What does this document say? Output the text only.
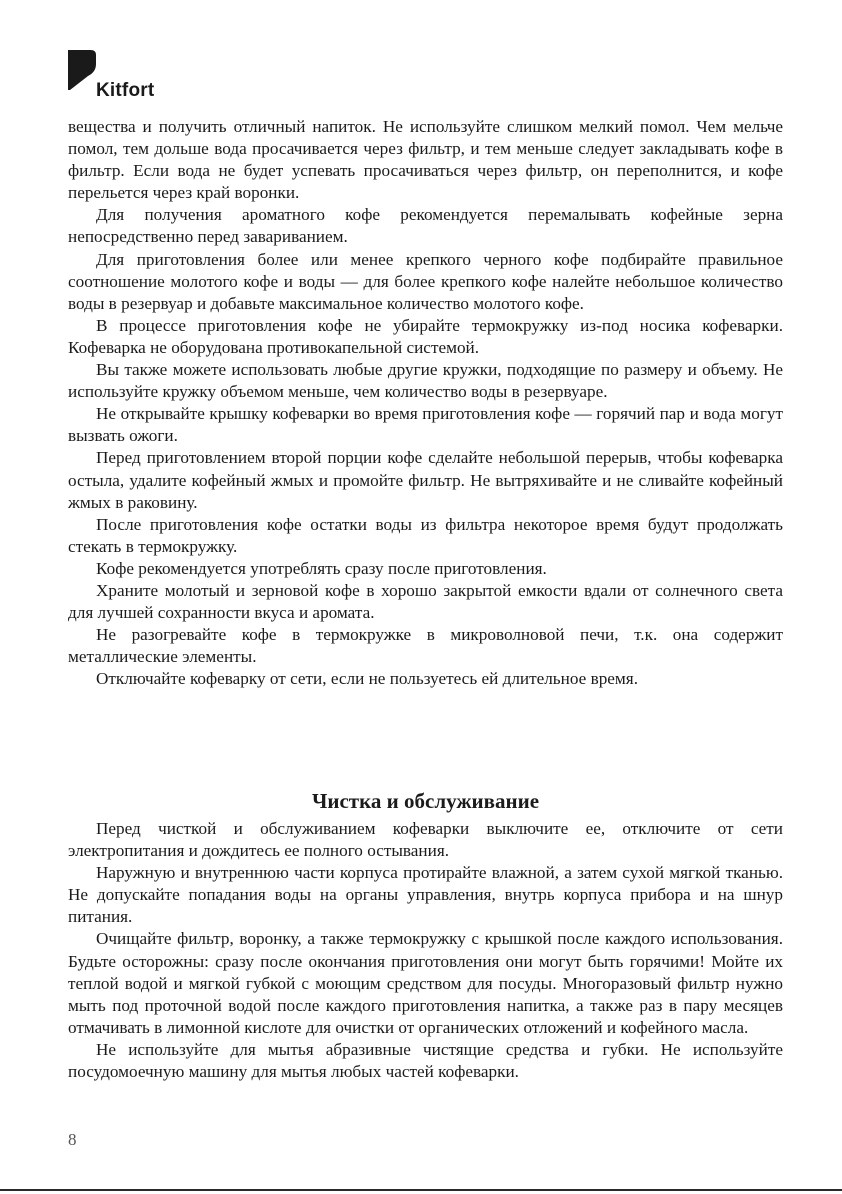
Kitfort

вещества и получить отличный напиток. Не используйте слишком мелкий помол. Чем мельче помол, тем дольше вода просачивается через фильтр, и тем меньше следует закладывать кофе в фильтр. Если вода не будет успевать просачиваться через фильтр, он переполнится, и кофе перельется через край воронки.

Для получения ароматного кофе рекомендуется перемалывать кофейные зерна непосредственно перед завариванием.

Для приготовления более или менее крепкого черного кофе подбирайте правильное соотношение молотого кофе и воды — для более крепкого кофе налейте небольшое количество воды в резервуар и добавьте максимальное количество молотого кофе.

В процессе приготовления кофе не убирайте термокружку из-под носика кофеварки. Кофеварка не оборудована противокапельной системой.

Вы также можете использовать любые другие кружки, подходящие по размеру и объему. Не используйте кружку объемом меньше, чем количество воды в резервуаре.

Не открывайте крышку кофеварки во время приготовления кофе — горячий пар и вода могут вызвать ожоги.

Перед приготовлением второй порции кофе сделайте небольшой перерыв, чтобы кофеварка остыла, удалите кофейный жмых и промойте фильтр. Не вытряхивайте и не сливайте кофейный жмых в раковину.

После приготовления кофе остатки воды из фильтра некоторое время будут продолжать стекать в термокружку.

Кофе рекомендуется употреблять сразу после приготовления.

Храните молотый и зерновой кофе в хорошо закрытой емкости вдали от солнечного света для лучшей сохранности вкуса и аромата.

Не разогревайте кофе в термокружке в микроволновой печи, т.к. она содержит металлические элементы.

Отключайте кофеварку от сети, если не пользуетесь ей длительное время.

Чистка и обслуживание

Перед чисткой и обслуживанием кофеварки выключите ее, отключите от сети электропитания и дождитесь ее полного остывания.

Наружную и внутреннюю части корпуса протирайте влажной, а затем сухой мягкой тканью. Не допускайте попадания воды на органы управления, внутрь корпуса прибора и на шнур питания.

Очищайте фильтр, воронку, а также термокружку с крышкой после каждого использования. Будьте осторожны: сразу после окончания приготовления они могут быть горячими! Мойте их теплой водой и мягкой губкой с моющим средством для посуды. Многоразовый фильтр нужно мыть под проточной водой после каждого приготовления напитка, а также раз в пару месяцев отмачивать в лимонной кислоте для очистки от органических отложений и кофейного масла.

Не используйте для мытья абразивные чистящие средства и губки. Не используйте посудомоечную машину для мытья любых частей кофеварки.

8
